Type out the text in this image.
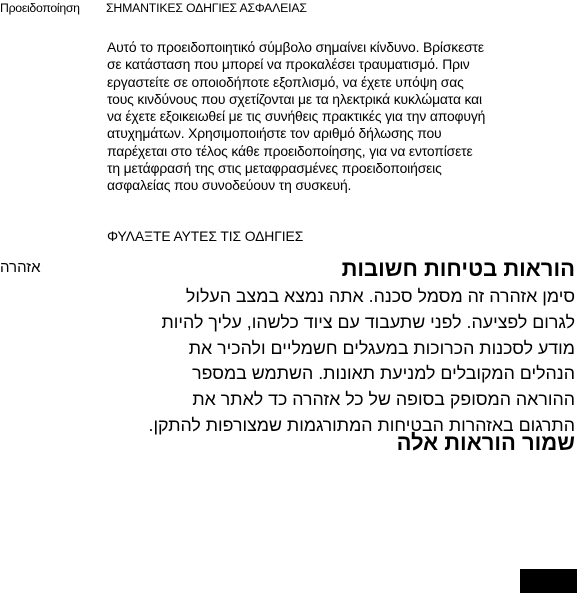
Προειδοποίηση ΣΗΜΑΝΤΙΚΕΣ ΟΔΗΓΙΕΣ ΑΣΦΑΛΕΙΑΣ
Αυτό το προειδοποιητικό σύμβολο σημαίνει κίνδυνο. Βρίσκεστε
σε κατάσταση που μπορεί να προκαλέσει τραυματισμό. Πριν
εργαστείτε σε οποιοδήποτε εξοπλισμό, να έχετε υπόψη σας
τους κινδύνους που σχετίζονται με τα ηλεκτρικά κυκλώματα και
να έχετε εξοικειωθεί με τις συνήθεις πρακτικές για την αποφυγή
ατυχημάτων. Χρησιμοποιήστε τον αριθμό δήλωσης που
παρέχεται στο τέλος κάθε προειδοποίησης, για να εντοπίσετε
τη μετάφρασή της στις μεταφρασμένες προειδοποιήσεις
ασφαλείας που συνοδεύουν τη συσκευή.
ΦΥΛΑΞΤΕ ΑΥΤΕΣ ΤΙΣ ΟΔΗΓΙΕΣ
אזהרה	הוראות בטיחות חשובות
סימן אזהרה זה מסמל סכנה. אתה נמצא במצב העלול
לגרום לפציעה. לפני שתעבוד עם ציוד כלשהו, עליך להיות
מודע לסכנות הכרוכות במעגלים חשמליים ולהכיר את
הנהלים המקובלים למניעת תאונות. השתמש במספר
ההוראה המסופק בסופה של כל אזהרה כד לאתר את
התרגום באזהרות הבטיחות המתורגמות שמצורפות להתקן.
שמור הוראות אלה
